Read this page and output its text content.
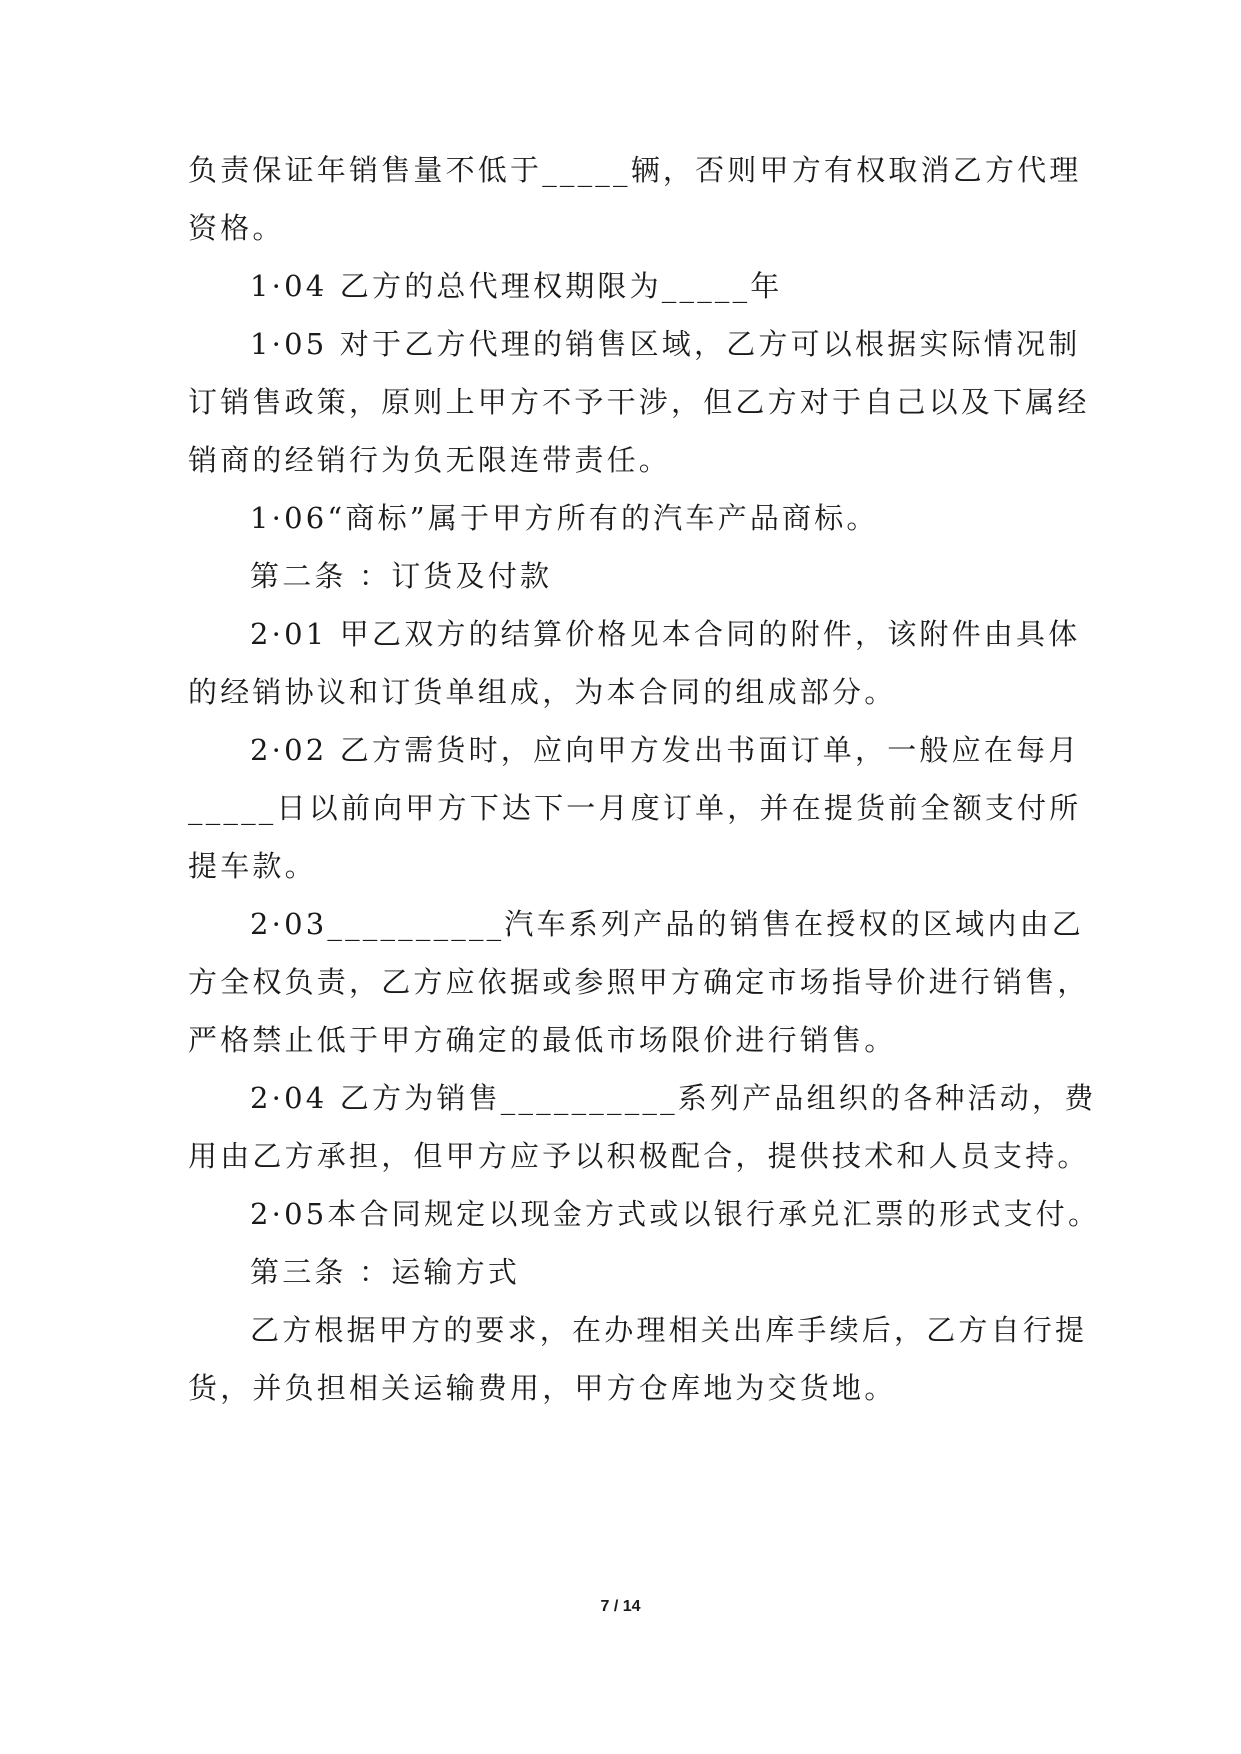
负责保证年销售量不低于_____辆，否则甲方有权取消乙方代理
资格。
1·04 乙方的总代理权期限为_____年
1·05 对于乙方代理的销售区域，乙方可以根据实际情况制
订销售政策，原则上甲方不予干涉，但乙方对于自己以及下属经
销商的经销行为负无限连带责任。
1·06“商标”属于甲方所有的汽车产品商标。
第二条 ：订货及付款
2·01 甲乙双方的结算价格见本合同的附件，该附件由具体
的经销协议和订货单组成，为本合同的组成部分。
2·02 乙方需货时，应向甲方发出书面订单，一般应在每月
_____日以前向甲方下达下一月度订单，并在提货前全额支付所
提车款。
2·03__________汽车系列产品的销售在授权的区域内由乙
方全权负责，乙方应依据或参照甲方确定市场指导价进行销售，
严格禁止低于甲方确定的最低市场限价进行销售。
2·04 乙方为销售__________系列产品组织的各种活动，费
用由乙方承担，但甲方应予以积极配合，提供技术和人员支持。
2·05本合同规定以现金方式或以银行承兑汇票的形式支付。
第三条 ：运输方式
乙方根据甲方的要求，在办理相关出库手续后，乙方自行提
货，并负担相关运输费用，甲方仓库地为交货地。
7 / 14
